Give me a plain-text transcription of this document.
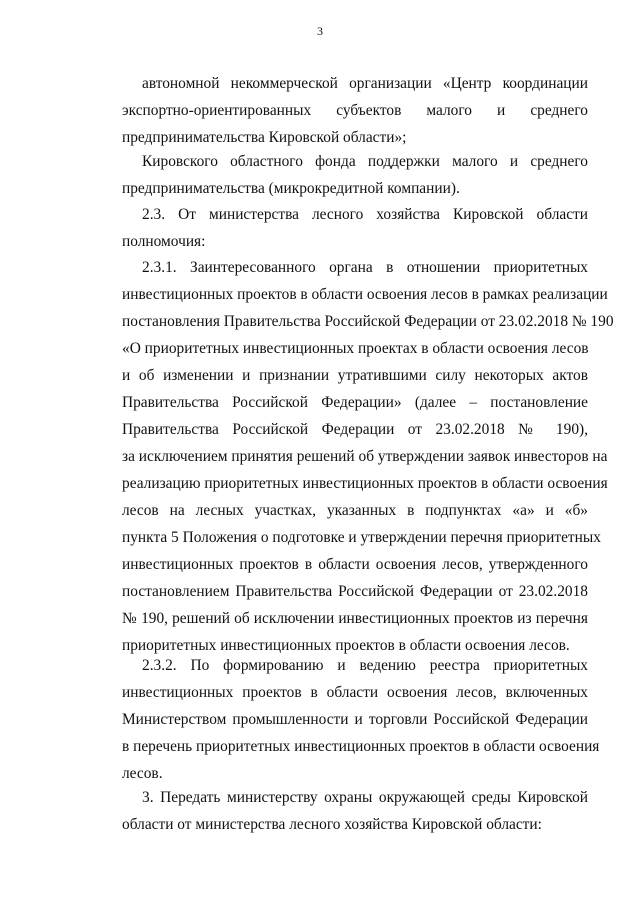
3
автономной некоммерческой организации «Центр координации
экспортно-ориентированных субъектов малого и среднего
предпринимательства Кировской области»;
Кировского областного фонда поддержки малого и среднего
предпринимательства (микрокредитной компании).
2.3. От министерства лесного хозяйства Кировской области
полномочия:
2.3.1. Заинтересованного органа в отношении приоритетных
инвестиционных проектов в области освоения лесов в рамках реализации
постановления Правительства Российской Федерации от 23.02.2018 № 190
«О приоритетных инвестиционных проектах в области освоения лесов
и об изменении и признании утратившими силу некоторых актов
Правительства Российской Федерации» (далее – постановление
Правительства Российской Федерации от 23.02.2018 № 190),
за исключением принятия решений об утверждении заявок инвесторов на
реализацию приоритетных инвестиционных проектов в области освоения
лесов на лесных участках, указанных в подпунктах «а» и «б»
пункта 5 Положения о подготовке и утверждении перечня приоритетных
инвестиционных проектов в области освоения лесов, утвержденного
постановлением Правительства Российской Федерации от 23.02.2018
№ 190, решений об исключении инвестиционных проектов из перечня
приоритетных инвестиционных проектов в области освоения лесов.
2.3.2. По формированию и ведению реестра приоритетных
инвестиционных проектов в области освоения лесов, включенных
Министерством промышленности и торговли Российской Федерации
в перечень приоритетных инвестиционных проектов в области освоения
лесов.
3. Передать министерству охраны окружающей среды Кировской
области от министерства лесного хозяйства Кировской области:
